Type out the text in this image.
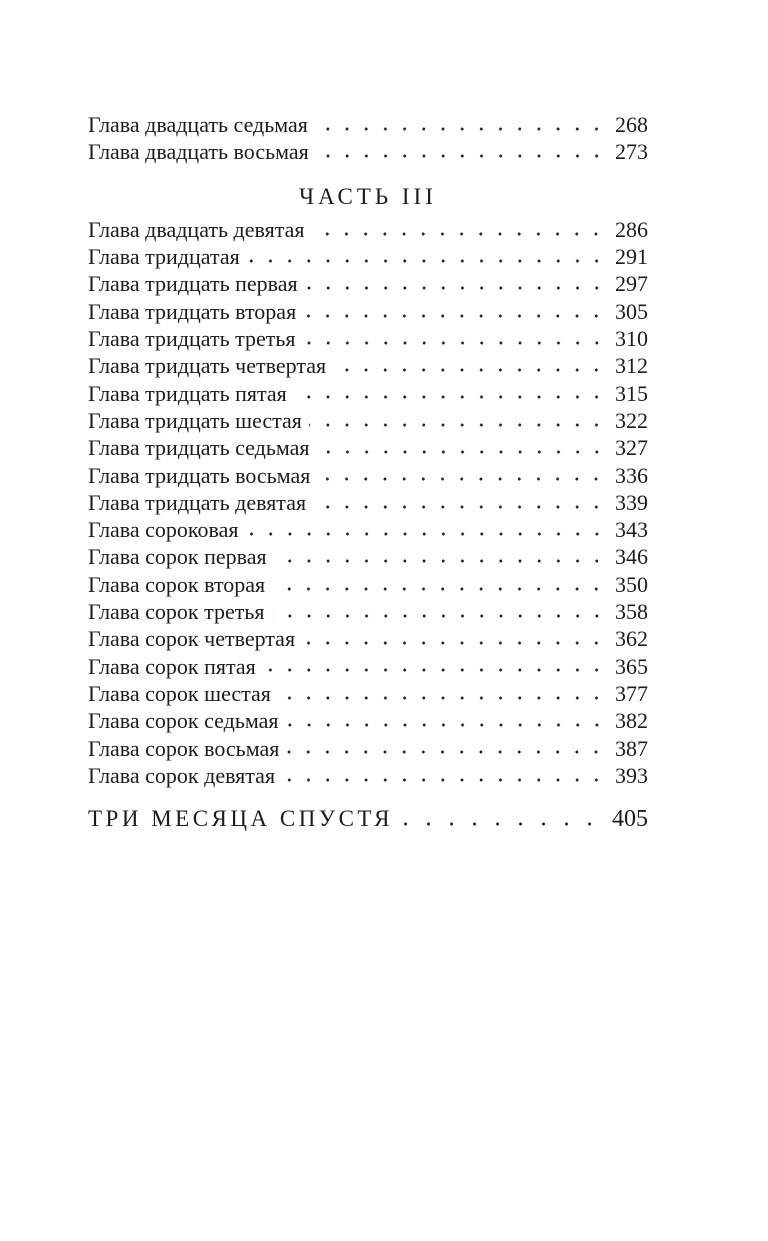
Глава двадцать седьмая	268
Глава двадцать восьмая	273
ЧАСТЬ III
Глава двадцать девятая	286
Глава тридцатая	291
Глава тридцать первая	297
Глава тридцать вторая	305
Глава тридцать третья	310
Глава тридцать четвертая	312
Глава тридцать пятая	315
Глава тридцать шестая	322
Глава тридцать седьмая	327
Глава тридцать восьмая	336
Глава тридцать девятая	339
Глава сороковая	343
Глава сорок первая	346
Глава сорок вторая	350
Глава сорок третья	358
Глава сорок четвертая	362
Глава сорок пятая	365
Глава сорок шестая	377
Глава сорок седьмая	382
Глава сорок восьмая	387
Глава сорок девятая	393
ТРИ МЕСЯЦА СПУСТЯ	405
